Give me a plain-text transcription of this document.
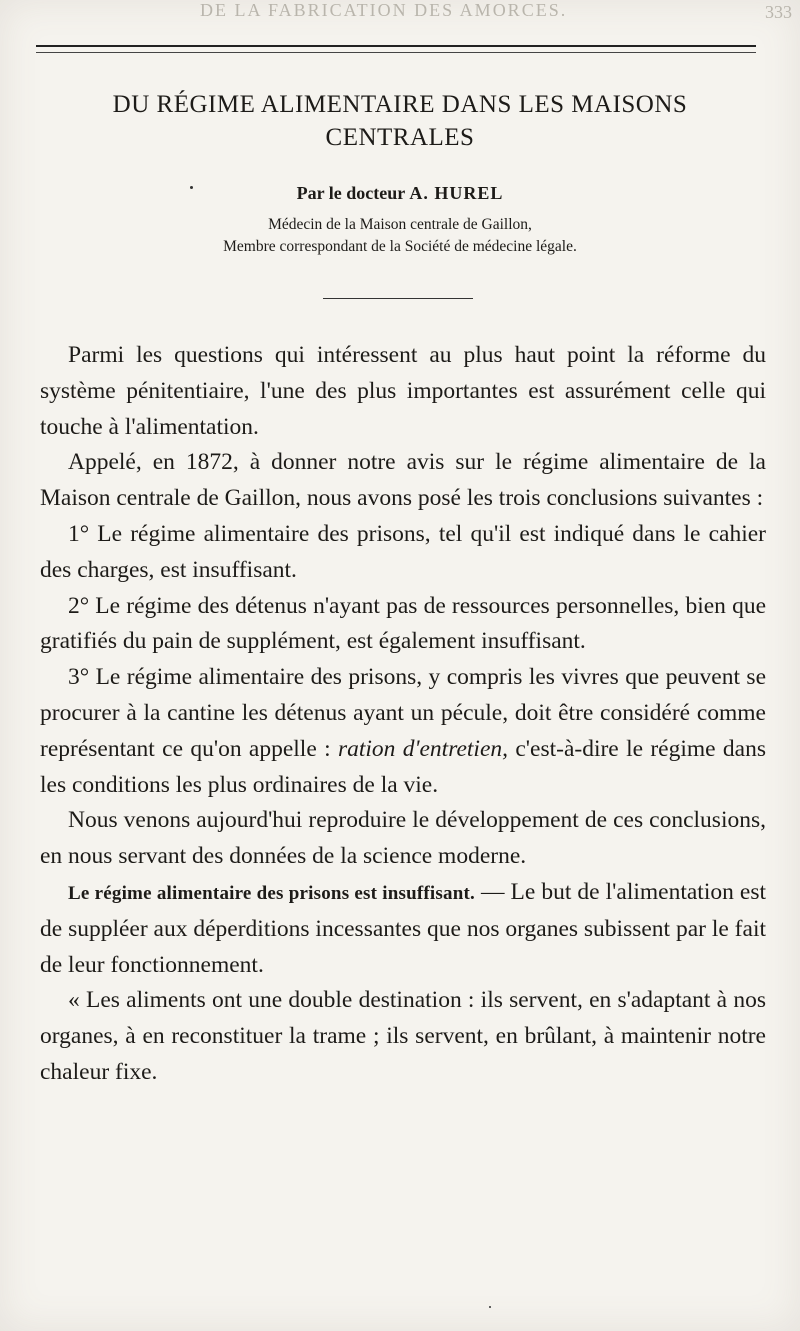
DE LA FABRICATION DES AMORCES.	333
DU RÉGIME ALIMENTAIRE DANS LES MAISONS CENTRALES
Par le docteur A. HUREL
Médecin de la Maison centrale de Gaillon,
Membre correspondant de la Société de médecine légale.

Parmi les questions qui intéressent au plus haut point la réforme du système pénitentiaire, l'une des plus importantes est assurément celle qui touche à l'alimentation.

Appelé, en 1872, à donner notre avis sur le régime alimentaire de la Maison centrale de Gaillon, nous avons posé les trois conclusions suivantes :

1° Le régime alimentaire des prisons, tel qu'il est indiqué dans le cahier des charges, est insuffisant.

2° Le régime des détenus n'ayant pas de ressources personnelles, bien que gratifiés du pain de supplément, est également insuffisant.

3° Le régime alimentaire des prisons, y compris les vivres que peuvent se procurer à la cantine les détenus ayant un pécule, doit être considéré comme représentant ce qu'on appelle : ration d'entretien, c'est-à-dire le régime dans les conditions les plus ordinaires de la vie.

Nous venons aujourd'hui reproduire le développement de ces conclusions, en nous servant des données de la science moderne.

Le régime alimentaire des prisons est insuffisant. — Le but de l'alimentation est de suppléer aux déperditions incessantes que nos organes subissent par le fait de leur fonctionnement.

« Les aliments ont une double destination : ils servent, en s'adaptant à nos organes, à en reconstituer la trame ; ils servent, en brûlant, à maintenir notre chaleur fixe.
